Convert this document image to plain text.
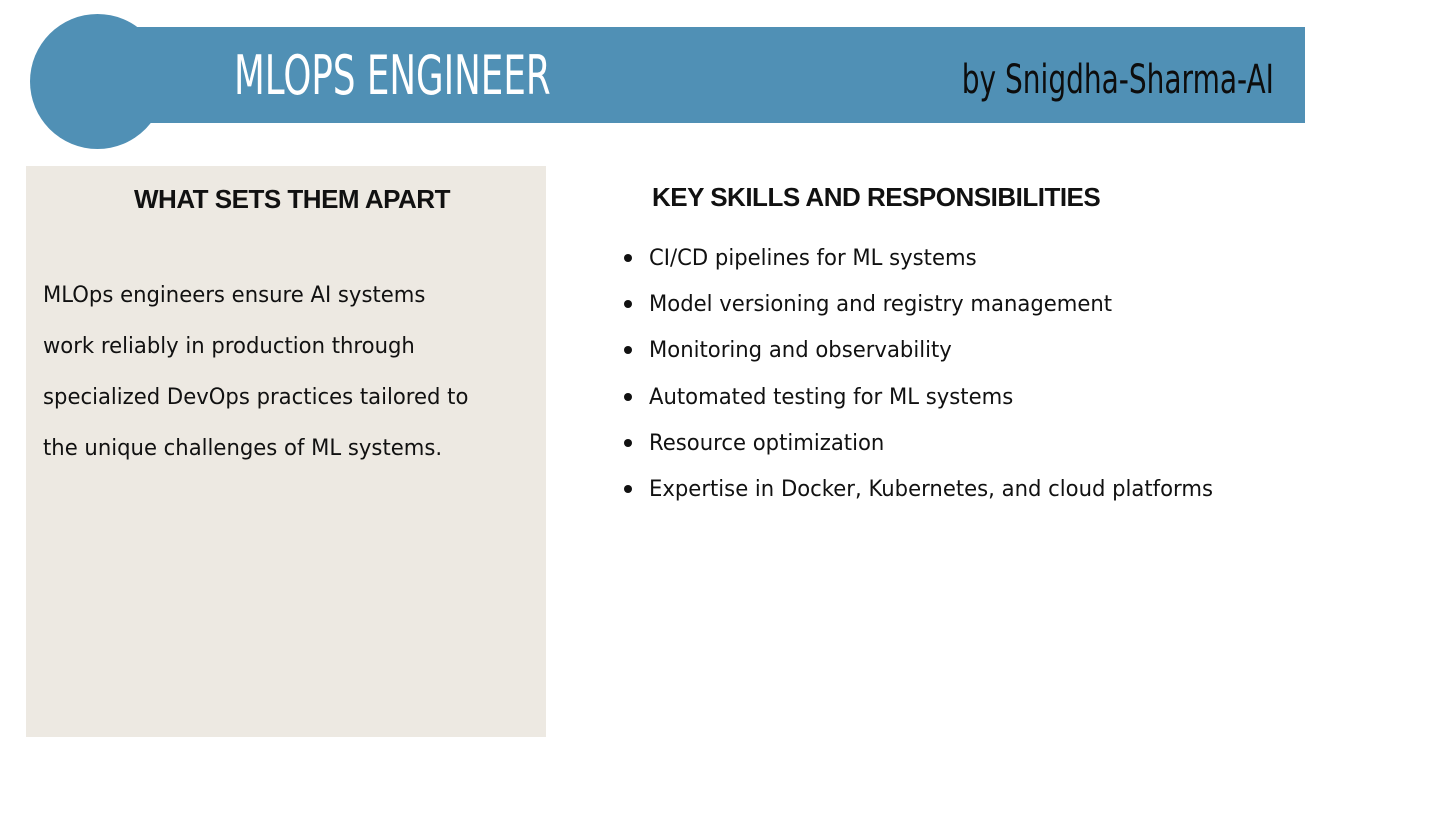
MLOPS ENGINEER	by Snigdha-Sharma-AI
WHAT SETS THEM APART
MLOps engineers ensure AI systems
work reliably in production through
specialized DevOps practices tailored to
the unique challenges of ML systems.
KEY SKILLS AND RESPONSIBILITIES
CI/CD pipelines for ML systems
Model versioning and registry management
Monitoring and observability
Automated testing for ML systems
Resource optimization
Expertise in Docker, Kubernetes, and cloud platforms
